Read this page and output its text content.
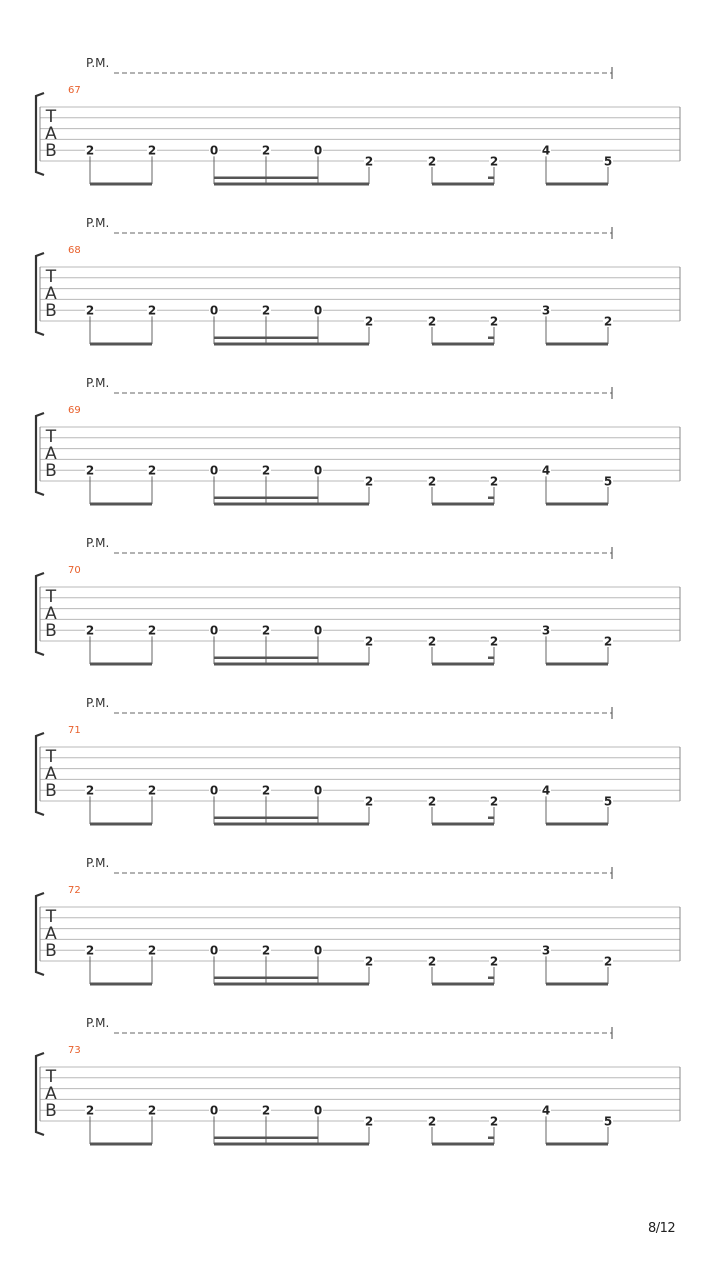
P.M.
67
T
A
B 2	2	0	2	0
2	2	2
4
5
P.M.
68
T
A
B 2	2	0	2	0
2	2	2
3
2
P.M.
69
T
A
B 2	2	0	2	0
2	2	2
4
5
P.M.
70
T
A
B 2	2	0	2	0
2	2	2
3
2
P.M.
71
T
A
B 2	2	0	2	0
2	2	2
4
5
P.M.
72
T
A
B 2	2	0	2	0
2	2	2
3
2
P.M.
73
T
A
B 2	2	0	2	0
2	2	2
4
5
8/12
